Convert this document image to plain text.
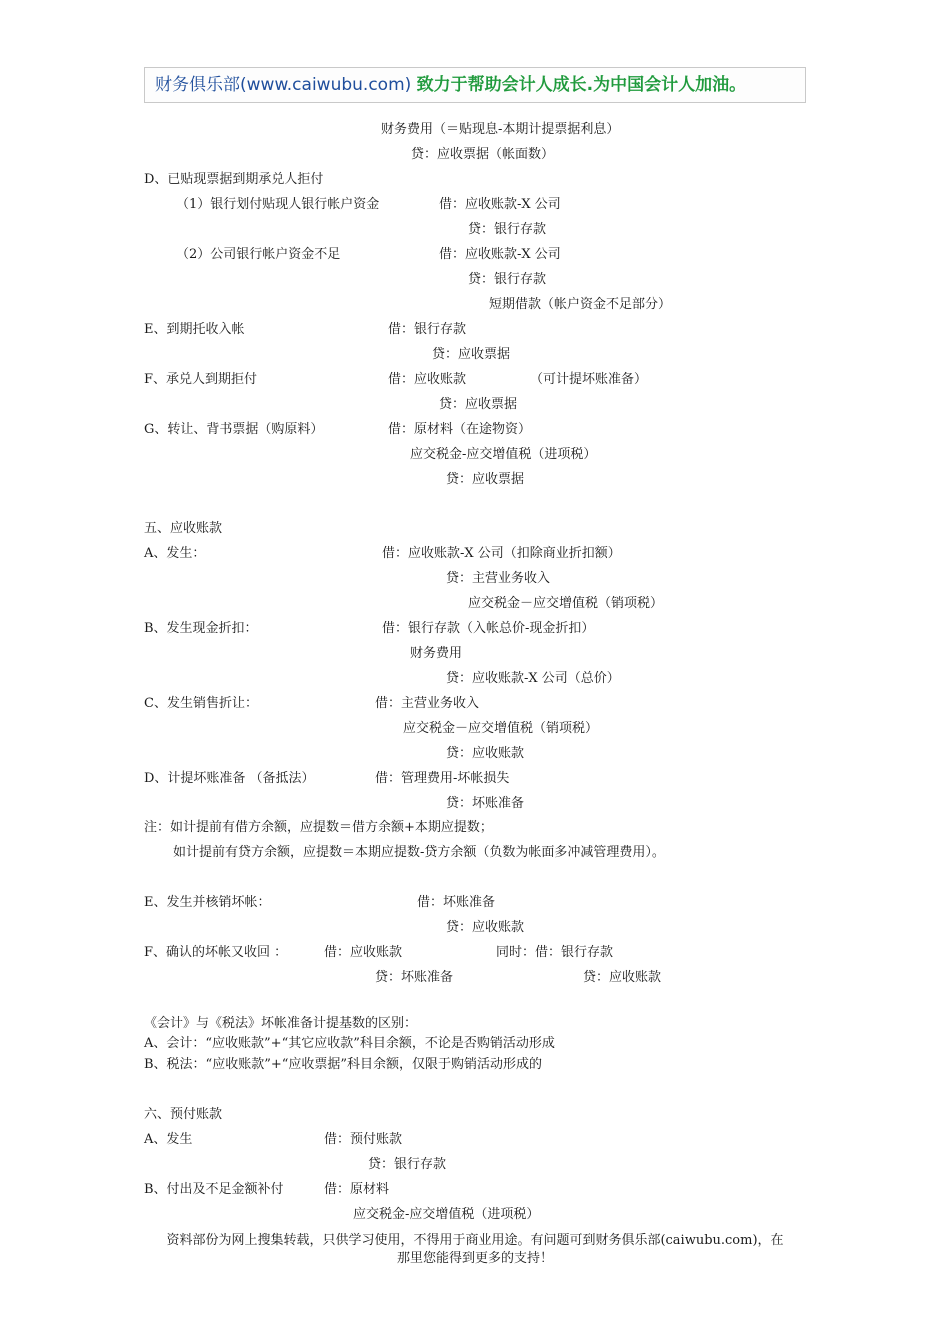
财务俱乐部(www.caiwubu.com) 致力于帮助会计人成长.为中国会计人加油。
财务费用（＝贴现息-本期计提票据利息）
贷：应收票据（帐面数）
D、已贴现票据到期承兑人拒付
（1）银行划付贴现人银行帐户资金	借：应收账款-X 公司
贷：银行存款
（2）公司银行帐户资金不足	借：应收账款-X 公司
贷：银行存款
短期借款（帐户资金不足部分）
E、到期托收入帐	借：银行存款
贷：应收票据
F、承兑人到期拒付	借：应收账款	（可计提坏账准备）
贷：应收票据
G、转让、背书票据（购原料）	借：原材料（在途物资）
应交税金-应交增值税（进项税）
贷：应收票据
五、应收账款
A、发生：	借：应收账款-X 公司（扣除商业折扣额）
贷：主营业务收入
应交税金－应交增值税（销项税）
B、发生现金折扣：	借：银行存款（入帐总价-现金折扣）
财务费用
贷：应收账款-X 公司（总价）
C、发生销售折让：	借：主营业务收入
应交税金－应交增值税（销项税）
贷：应收账款
D、计提坏账准备 （备抵法）	借：管理费用-坏帐损失
贷：坏账准备
注：如计提前有借方余额，应提数＝借方余额+本期应提数；
如计提前有贷方余额，应提数＝本期应提数-贷方余额（负数为帐面多冲减管理费用）。
E、发生并核销坏帐：	借：坏账准备
贷：应收账款
F、确认的坏帐又收回 ：	借：应收账款	同时：借：银行存款
贷：坏账准备	贷：应收账款
《会计》与《税法》坏帐准备计提基数的区别：
A、会计：“应收账款”+“其它应收款”科目余额，不论是否购销活动形成
B、税法：“应收账款”+“应收票据”科目余额，仅限于购销活动形成的
六、预付账款
A、发生	借：预付账款
贷：银行存款
B、付出及不足金额补付	借：原材料
应交税金-应交增值税（进项税）
资料部份为网上搜集转载，只供学习使用，不得用于商业用途。有问题可到财务俱乐部(caiwubu.com)，在
那里您能得到更多的支持！
